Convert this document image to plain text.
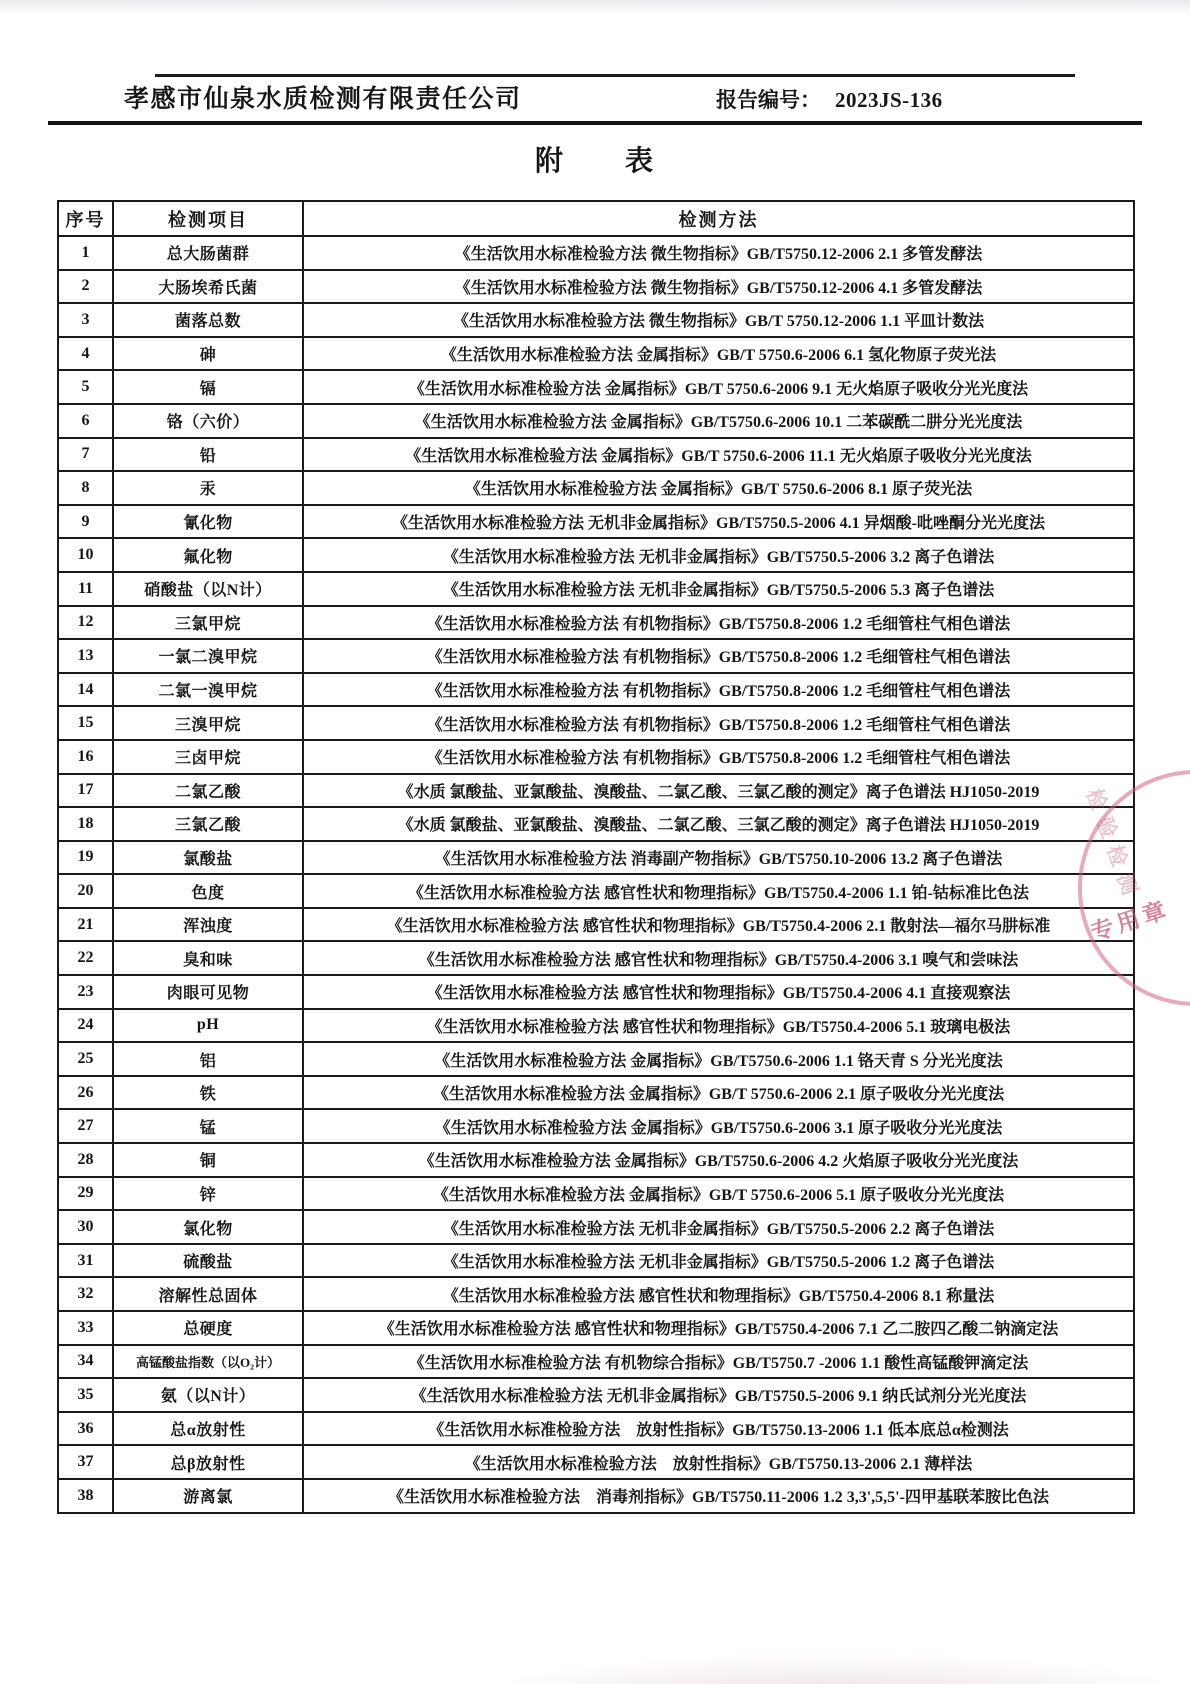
孝感市仙泉水质检测有限责任公司	报告编号： 2023JS-136
附　　表
序号	检测项目	检测方法
1	总大肠菌群	《生活饮用水标准检验方法 微生物指标》GB/T5750.12-2006 2.1 多管发酵法
2	大肠埃希氏菌	《生活饮用水标准检验方法 微生物指标》GB/T5750.12-2006 4.1 多管发酵法
3	菌落总数	《生活饮用水标准检验方法 微生物指标》GB/T 5750.12-2006 1.1 平皿计数法
4	砷	《生活饮用水标准检验方法 金属指标》GB/T 5750.6-2006 6.1 氢化物原子荧光法
5	镉	《生活饮用水标准检验方法 金属指标》GB/T 5750.6-2006 9.1 无火焰原子吸收分光光度法
6	铬（六价）	《生活饮用水标准检验方法 金属指标》GB/T5750.6-2006 10.1 二苯碳酰二肼分光光度法
7	铅	《生活饮用水标准检验方法 金属指标》GB/T 5750.6-2006 11.1 无火焰原子吸收分光光度法
8	汞	《生活饮用水标准检验方法 金属指标》GB/T 5750.6-2006 8.1 原子荧光法
9	氰化物	《生活饮用水标准检验方法 无机非金属指标》GB/T5750.5-2006 4.1 异烟酸-吡唑酮分光光度法
10	氟化物	《生活饮用水标准检验方法 无机非金属指标》GB/T5750.5-2006 3.2 离子色谱法
11	硝酸盐（以N计）	《生活饮用水标准检验方法 无机非金属指标》GB/T5750.5-2006 5.3 离子色谱法
12	三氯甲烷	《生活饮用水标准检验方法 有机物指标》GB/T5750.8-2006 1.2 毛细管柱气相色谱法
13	一氯二溴甲烷	《生活饮用水标准检验方法 有机物指标》GB/T5750.8-2006 1.2 毛细管柱气相色谱法
14	二氯一溴甲烷	《生活饮用水标准检验方法 有机物指标》GB/T5750.8-2006 1.2 毛细管柱气相色谱法
15	三溴甲烷	《生活饮用水标准检验方法 有机物指标》GB/T5750.8-2006 1.2 毛细管柱气相色谱法
16	三卤甲烷	《生活饮用水标准检验方法 有机物指标》GB/T5750.8-2006 1.2 毛细管柱气相色谱法
17	二氯乙酸	《水质 氯酸盐、亚氯酸盐、溴酸盐、二氯乙酸、三氯乙酸的测定》离子色谱法 HJ1050-2019
18	三氯乙酸	《水质 氯酸盐、亚氯酸盐、溴酸盐、二氯乙酸、三氯乙酸的测定》离子色谱法 HJ1050-2019
19	氯酸盐	《生活饮用水标准检验方法 消毒副产物指标》GB/T5750.10-2006 13.2 离子色谱法
20	色度	《生活饮用水标准检验方法 感官性状和物理指标》GB/T5750.4-2006 1.1 铂-钴标准比色法
21	浑浊度	《生活饮用水标准检验方法 感官性状和物理指标》GB/T5750.4-2006 2.1 散射法—福尔马肼标准
22	臭和味	《生活饮用水标准检验方法 感官性状和物理指标》GB/T5750.4-2006 3.1 嗅气和尝味法
23	肉眼可见物	《生活饮用水标准检验方法 感官性状和物理指标》GB/T5750.4-2006 4.1 直接观察法
24	pH	《生活饮用水标准检验方法 感官性状和物理指标》GB/T5750.4-2006 5.1 玻璃电极法
25	铝	《生活饮用水标准检验方法 金属指标》GB/T5750.6-2006 1.1 铬天青 S 分光光度法
26	铁	《生活饮用水标准检验方法 金属指标》GB/T 5750.6-2006 2.1 原子吸收分光光度法
27	锰	《生活饮用水标准检验方法 金属指标》GB/T5750.6-2006 3.1 原子吸收分光光度法
28	铜	《生活饮用水标准检验方法 金属指标》GB/T5750.6-2006 4.2 火焰原子吸收分光光度法
29	锌	《生活饮用水标准检验方法 金属指标》GB/T 5750.6-2006 5.1 原子吸收分光光度法
30	氯化物	《生活饮用水标准检验方法 无机非金属指标》GB/T5750.5-2006 2.2 离子色谱法
31	硫酸盐	《生活饮用水标准检验方法 无机非金属指标》GB/T5750.5-2006 1.2 离子色谱法
32	溶解性总固体	《生活饮用水标准检验方法 感官性状和物理指标》GB/T5750.4-2006 8.1 称量法
33	总硬度	《生活饮用水标准检验方法 感官性状和物理指标》GB/T5750.4-2006 7.1 乙二胺四乙酸二钠滴定法
34	高锰酸盐指数（以O₂计）	《生活饮用水标准检验方法 有机物综合指标》GB/T5750.7 -2006 1.1 酸性高锰酸钾滴定法
35	氨（以N计）	《生活饮用水标准检验方法 无机非金属指标》GB/T5750.5-2006 9.1 纳氏试剂分光光度法
36	总α放射性	《生活饮用水标准检验方法　放射性指标》GB/T5750.13-2006 1.1 低本底总α检测法
37	总β放射性	《生活饮用水标准检验方法　放射性指标》GB/T5750.13-2006 2.1 薄样法
38	游离氯	《生活饮用水标准检验方法　消毒剂指标》GB/T5750.11-2006 1.2 3,3',5,5'-四甲基联苯胺比色法
检验检测
专用章
